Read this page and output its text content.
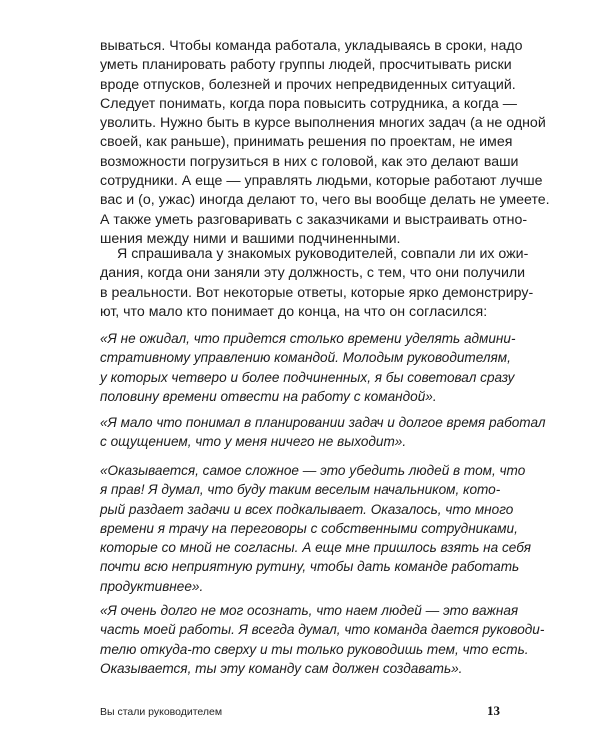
вываться. Чтобы команда работала, укладываясь в сроки, надо
уметь планировать работу группы людей, просчитывать риски
вроде отпусков, болезней и прочих непредвиденных ситуаций.
Следует понимать, когда пора повысить сотрудника, а когда —
уволить. Нужно быть в курсе выполнения многих задач (а не одной
своей, как раньше), принимать решения по проектам, не имея
возможности погрузиться в них с головой, как это делают ваши
сотрудники. А еще — управлять людьми, которые работают лучше
вас и (о, ужас) иногда делают то, чего вы вообще делать не умеете.
А также уметь разговаривать с заказчиками и выстраивать отно-
шения между ними и вашими подчиненными.
Я спрашивала у знакомых руководителей, совпали ли их ожи-
дания, когда они заняли эту должность, с тем, что они получили
в реальности. Вот некоторые ответы, которые ярко демонстриру-
ют, что мало кто понимает до конца, на что он согласился:
«Я не ожидал, что придется столько времени уделять админи-
стративному управлению командой. Молодым руководителям,
у которых четверо и более подчиненных, я бы советовал сразу
половину времени отвести на работу с командой».
«Я мало что понимал в планировании задач и долгое время работал
с ощущением, что у меня ничего не выходит».
«Оказывается, самое сложное — это убедить людей в том, что
я прав! Я думал, что буду таким веселым начальником, кото-
рый раздает задачи и всех подкалывает. Оказалось, что много
времени я трачу на переговоры с собственными сотрудниками,
которые со мной не согласны. А еще мне пришлось взять на себя
почти всю неприятную рутину, чтобы дать команде работать
продуктивнее».
«Я очень долго не мог осознать, что наем людей — это важная
часть моей работы. Я всегда думал, что команда дается руководи-
телю откуда-то сверху и ты только руководишь тем, что есть.
Оказывается, ты эту команду сам должен создавать».
Вы стали руководителем	13
